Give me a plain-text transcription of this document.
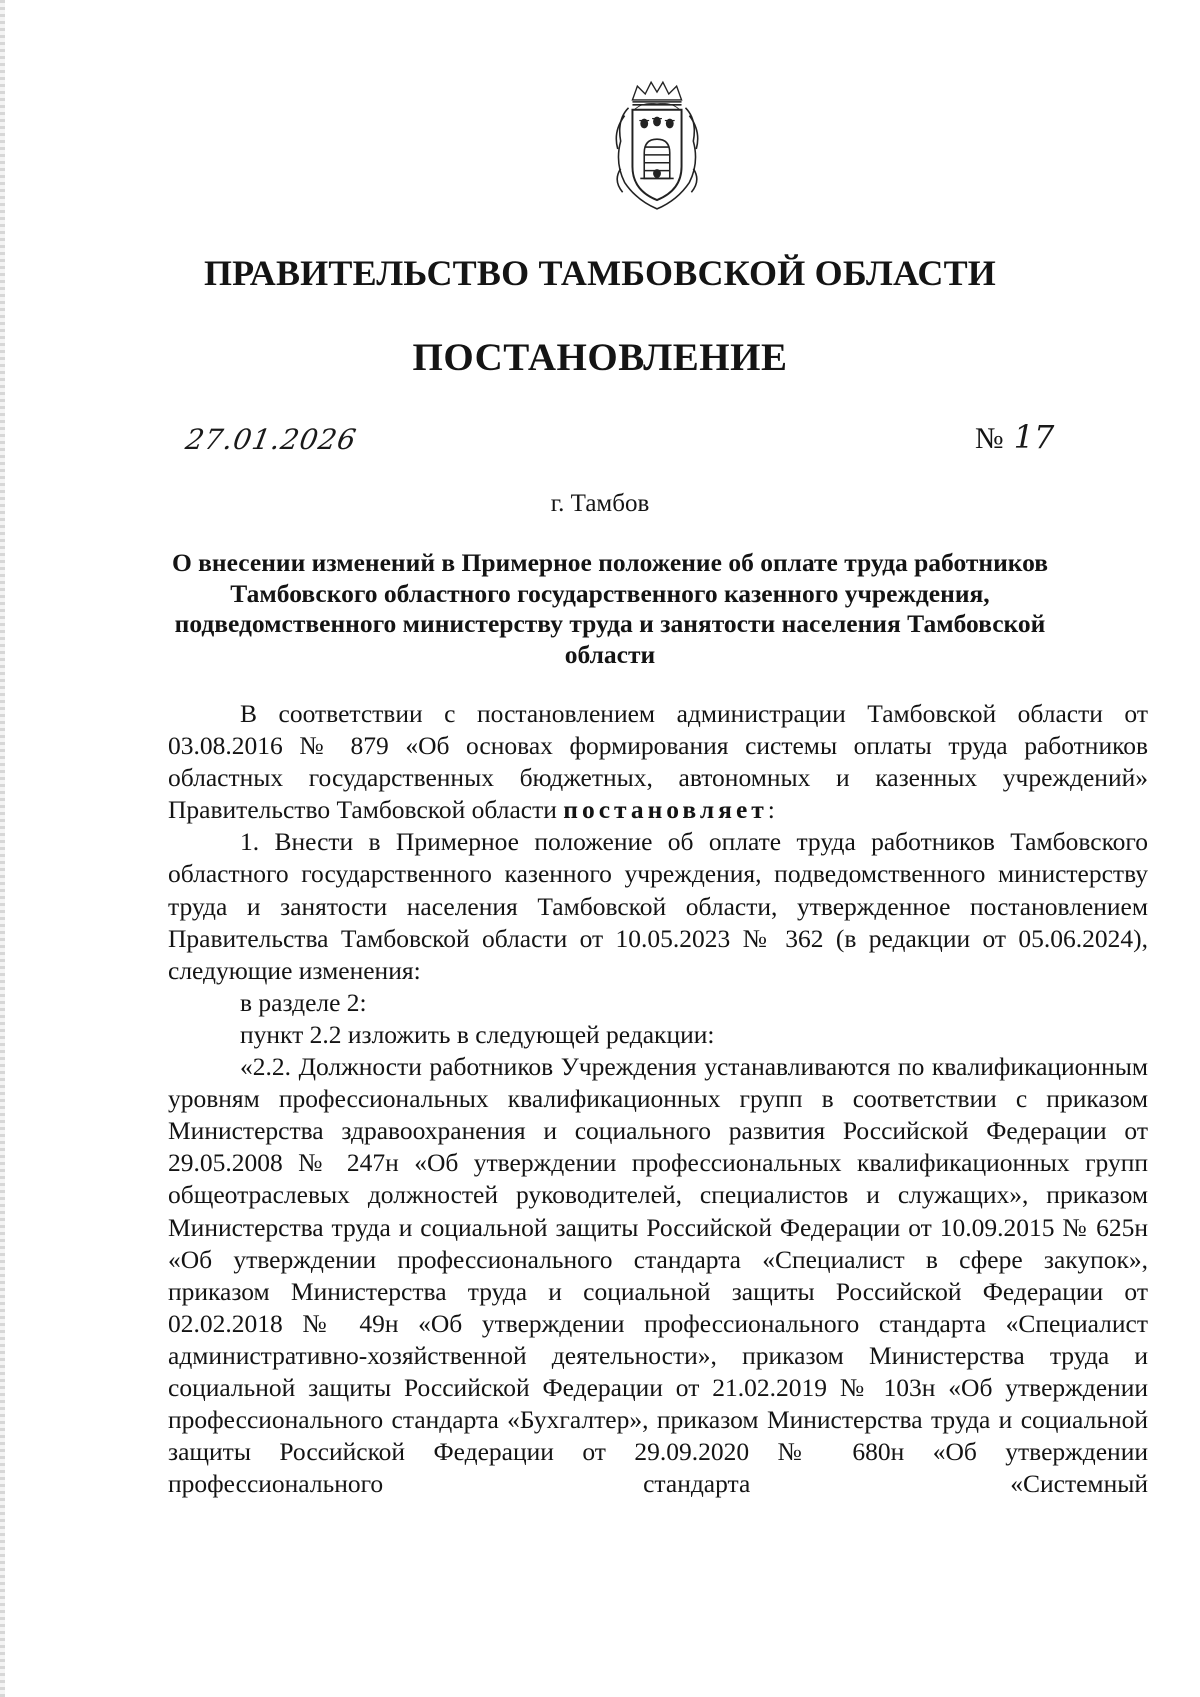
ПРАВИТЕЛЬСТВО ТАМБОВСКОЙ ОБЛАСТИ
ПОСТАНОВЛЕНИЕ
27.01.2026	№ 17

г. Тамбов

О внесении изменений в Примерное положение об оплате труда работников Тамбовского областного государственного казенного учреждения, подведомственного министерству труда и занятости населения Тамбовской области

В соответствии с постановлением администрации Тамбовской области от 03.08.2016 № 879 «Об основах формирования системы оплаты труда работников областных государственных бюджетных, автономных и казенных учреждений» Правительство Тамбовской области постановляет:

1. Внести в Примерное положение об оплате труда работников Тамбовского областного государственного казенного учреждения, подведомственного министерству труда и занятости населения Тамбовской области, утвержденное постановлением Правительства Тамбовской области от 10.05.2023 № 362 (в редакции от 05.06.2024), следующие изменения:

в разделе 2:

пункт 2.2 изложить в следующей редакции:

«2.2. Должности работников Учреждения устанавливаются по квалификационным уровням профессиональных квалификационных групп в соответствии с приказом Министерства здравоохранения и социального развития Российской Федерации от 29.05.2008 № 247н «Об утверждении профессиональных квалификационных групп общеотраслевых должностей руководителей, специалистов и служащих», приказом Министерства труда и социальной защиты Российской Федерации от 10.09.2015 № 625н «Об утверждении профессионального стандарта «Специалист в сфере закупок», приказом Министерства труда и социальной защиты Российской Федерации от 02.02.2018 № 49н «Об утверждении профессионального стандарта «Специалист административно-хозяйственной деятельности», приказом Министерства труда и социальной защиты Российской Федерации от 21.02.2019 № 103н «Об утверждении профессионального стандарта «Бухгалтер», приказом Министерства труда и социальной защиты Российской Федерации от 29.09.2020 № 680н «Об утверждении профессионального стандарта «Системный
